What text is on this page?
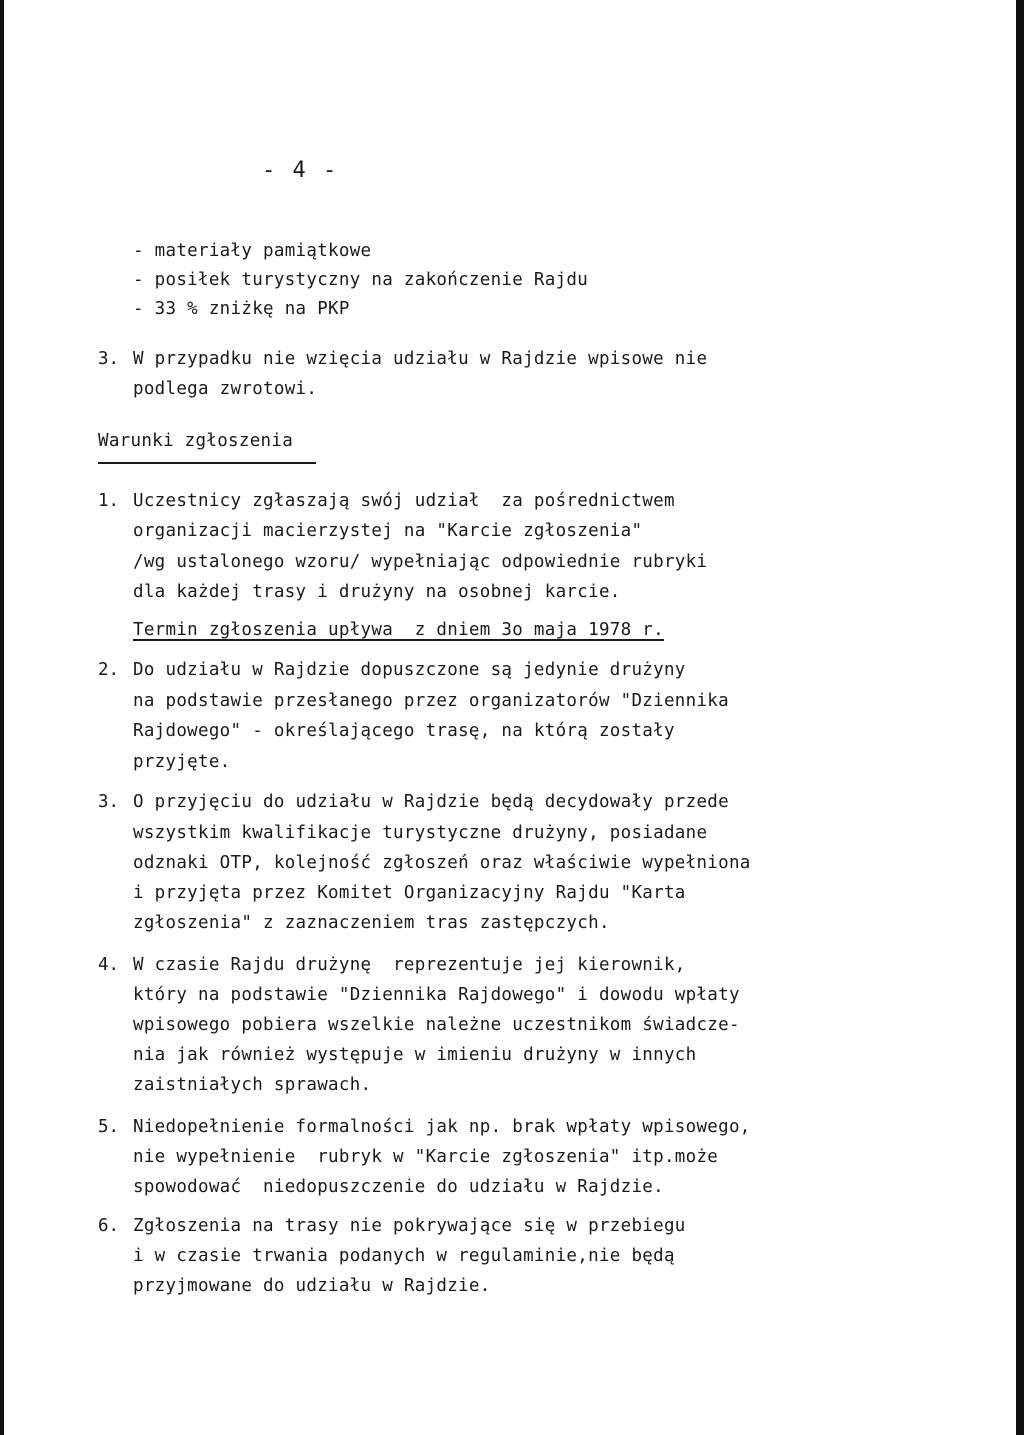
- 4 -
- materiały pamiątkowe
- posiłek turystyczny na zakończenie Rajdu
- 33 % zniżkę na PKP
3. W przypadku nie wzięcia udziału w Rajdzie wpisowe nie
podlega zwrotowi.
Warunki zgłoszenia
1. Uczestnicy zgłaszają swój udział  za pośrednictwem
organizacji macierzystej na "Karcie zgłoszenia"
/wg ustalonego wzoru/ wypełniając odpowiednie rubryki
dla każdej trasy i drużyny na osobnej karcie.
Termin zgłoszenia upływa  z dniem 3o maja 1978 r.
2. Do udziału w Rajdzie dopuszczone są jedynie drużyny
na podstawie przesłanego przez organizatorów "Dziennika
Rajdowego" - określającego trasę, na którą zostały
przyjęte.
3. O przyjęciu do udziału w Rajdzie będą decydowały przede
wszystkim kwalifikacje turystyczne drużyny, posiadane
odznaki OTP, kolejność zgłoszeń oraz właściwie wypełniona
i przyjęta przez Komitet Organizacyjny Rajdu "Karta
zgłoszenia" z zaznaczeniem tras zastępczych.
4. W czasie Rajdu drużynę  reprezentuje jej kierownik,
który na podstawie "Dziennika Rajdowego" i dowodu wpłaty
wpisowego pobiera wszelkie należne uczestnikom świadcze-
nia jak również występuje w imieniu drużyny w innych
zaistniałych sprawach.
5. Niedopełnienie formalności jak np. brak wpłaty wpisowego,
nie wypełnienie  rubryk w "Karcie zgłoszenia" itp.może
spowodować  niedopuszczenie do udziału w Rajdzie.
6. Zgłoszenia na trasy nie pokrywające się w przebiegu
i w czasie trwania podanych w regulaminie,nie będą
przyjmowane do udziału w Rajdzie.
